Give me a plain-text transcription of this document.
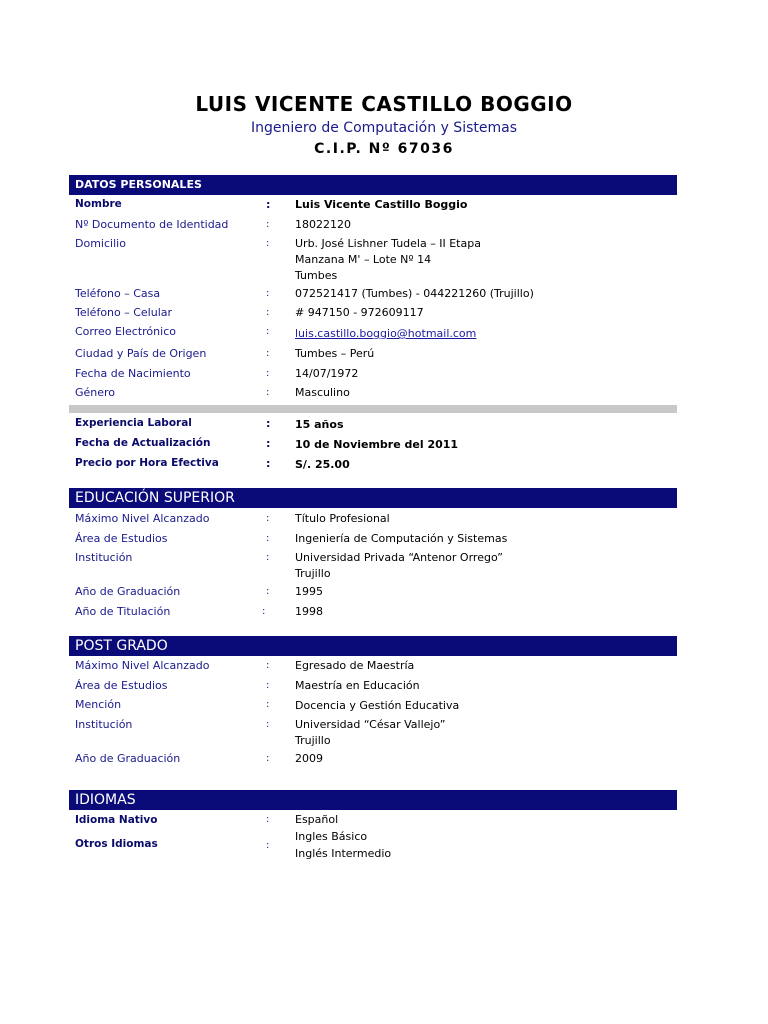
LUIS VICENTE CASTILLO BOGGIO
Ingeniero de Computación y Sistemas
C.I.P. Nº 67036
DATOS PERSONALES
Nombre	: Luis Vicente Castillo Boggio
Nº Documento de Identidad	: 18022120
Domicilio	: Urb. José Lishner Tudela – II Etapa
Manzana M' – Lote Nº 14
Tumbes
Teléfono – Casa	: 072521417 (Tumbes) - 044221260 (Trujillo)
Teléfono – Celular	: # 947150 - 972609117
Correo Electrónico	: luis.castillo.boggio@hotmail.com
Ciudad y País de Origen	: Tumbes – Perú
Fecha de Nacimiento	: 14/07/1972
Género	: Masculino
Experiencia Laboral	: 15 años
Fecha de Actualización	: 10 de Noviembre del 2011
Precio por Hora Efectiva	: S/. 25.00
EDUCACIÓN SUPERIOR
Máximo Nivel Alcanzado	: Título Profesional
Área de Estudios	: Ingeniería de Computación y Sistemas
Institución	: Universidad Privada “Antenor Orrego”
Trujillo
Año de Graduación	: 1995
Año de Titulación	:	1998
POST GRADO
Máximo Nivel Alcanzado	: Egresado de Maestría
Área de Estudios	: Maestría en Educación
Mención	: Docencia y Gestión Educativa
Institución	: Universidad “César Vallejo”
Trujillo
Año de Graduación	: 2009
IDIOMAS
Idioma Nativo	: Español
Otros Idiomas	:
Ingles Básico
Inglés Intermedio
